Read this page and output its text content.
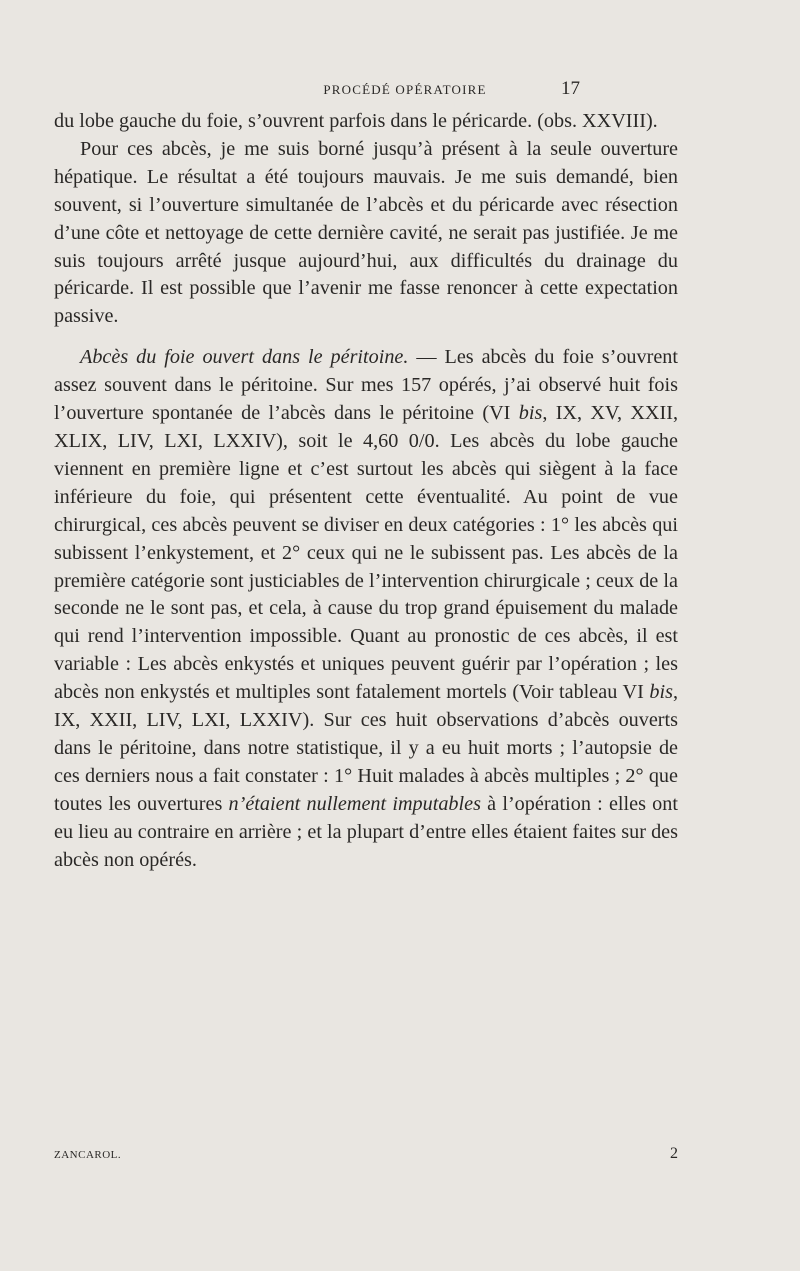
PROCÉDÉ OPÉRATOIRE	17

du lobe gauche du foie, s’ouvrent parfois dans le péricarde. (obs. XXVIII).

Pour ces abcès, je me suis borné jusqu’à présent à la seule ouverture hépatique. Le résultat a été toujours mauvais. Je me suis demandé, bien souvent, si l’ouverture simultanée de l’abcès et du péricarde avec résection d’une côte et nettoyage de cette dernière cavité, ne serait pas justifiée. Je me suis toujours arrêté jusque aujourd’hui, aux difficultés du drainage du péricarde. Il est possible que l’avenir me fasse renoncer à cette expectation passive.

Abcès du foie ouvert dans le péritoine. — Les abcès du foie s’ouvrent assez souvent dans le péritoine. Sur mes 157 opérés, j’ai observé huit fois l’ouverture spontanée de l’abcès dans le péritoine (VI bis, IX, XV, XXII, XLIX, LIV, LXI, LXXIV), soit le 4,60 0/0. Les abcès du lobe gauche viennent en première ligne et c’est surtout les abcès qui siègent à la face inférieure du foie, qui présentent cette éventualité. Au point de vue chirurgical, ces abcès peuvent se diviser en deux catégories : 1° les abcès qui subissent l’enkystement, et 2° ceux qui ne le subissent pas. Les abcès de la première catégorie sont justiciables de l’intervention chirurgicale ; ceux de la seconde ne le sont pas, et cela, à cause du trop grand épuisement du malade qui rend l’intervention impossible. Quant au pronostic de ces abcès, il est variable : Les abcès enkystés et uniques peuvent guérir par l’opération ; les abcès non enkystés et multiples sont fatalement mortels (Voir tableau VI bis, IX, XXII, LIV, LXI, LXXIV). Sur ces huit observations d’abcès ouverts dans le péritoine, dans notre statistique, il y a eu huit morts ; l’autopsie de ces derniers nous a fait constater : 1° Huit malades à abcès multiples ; 2° que toutes les ouvertures n’étaient nullement imputables à l’opération : elles ont eu lieu au contraire en arrière ; et la plupart d’entre elles étaient faites sur des abcès non opérés.

ZANCAROL.	2
